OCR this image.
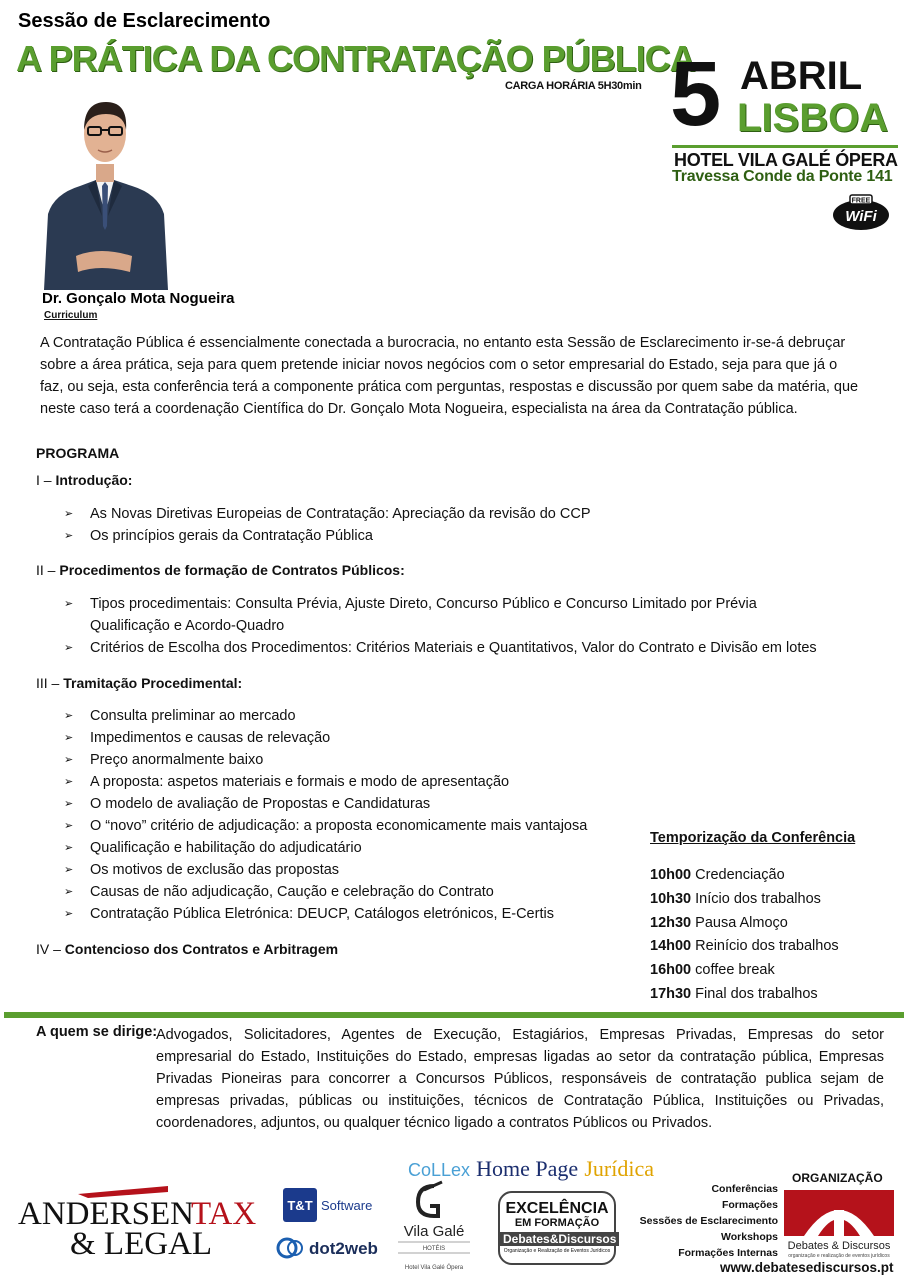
Sessão de Esclarecimento
A PRÁTICA DA CONTRATAÇÃO PÚBLICA
CARGA HORÁRIA 5H30min 5 ABRIL
LISBOA
HOTEL VILA GALÉ ÓPERA
Travessa Conde da Ponte 141
FREE
WiFi
Dr. Gonçalo Mota Nogueira
Curriculum
A Contratação Pública é essencialmente conectada a burocracia, no entanto esta Sessão de Esclarecimento ir-se-á debruçar sobre a área prática, seja para quem pretende iniciar novos negócios com o setor empresarial do Estado, seja para que já o faz, ou seja, esta conferência terá a componente prática com perguntas, respostas e discussão por quem sabe da matéria, que neste caso terá a coordenação Científica do Dr. Gonçalo Mota Nogueira, especialista na área da Contratação pública.
PROGRAMA
I – Introdução:
➢ As Novas Diretivas Europeias de Contratação: Apreciação da revisão do CCP
➢ Os princípios gerais da Contratação Pública
II – Procedimentos de formação de Contratos Públicos:
➢ Tipos procedimentais: Consulta Prévia, Ajuste Direto, Concurso Público e Concurso Limitado por Prévia Qualificação e Acordo-Quadro
➢ Critérios de Escolha dos Procedimentos: Critérios Materiais e Quantitativos, Valor do Contrato e Divisão em lotes
III – Tramitação Procedimental:
➢ Consulta preliminar ao mercado
➢ Impedimentos e causas de relevação
➢ Preço anormalmente baixo
➢ A proposta: aspetos materiais e formais e modo de apresentação
➢ O modelo de avaliação de Propostas e Candidaturas
➢ O “novo” critério de adjudicação: a proposta economicamente mais vantajosa
➢ Qualificação e habilitação do adjudicatário
➢ Os motivos de exclusão das propostas
➢ Causas de não adjudicação, Caução e celebração do Contrato
➢ Contratação Pública Eletrónica: DEUCP, Catálogos eletrónicos, E-Certis
IV – Contencioso dos Contratos e Arbitragem
Temporização da Conferência
10h00 Credenciação
10h30 Início dos trabalhos
12h30 Pausa Almoço
14h00 Reinício dos trabalhos
16h00 coffee break
17h30 Final dos trabalhos
A quem se dirige:
Advogados, Solicitadores, Agentes de Execução, Estagiários, Empresas Privadas, Empresas do setor empresarial do Estado, Instituições do Estado, empresas ligadas ao setor da contratação pública, Empresas Privadas Pioneiras para concorrer a Concursos Públicos, responsáveis de contratação publica sejam de empresas privadas, públicas ou instituições, técnicos de Contratação Pública, Instituições ou Privadas, coordenadores, adjuntos, ou qualquer técnico ligado a contratos Públicos ou Privados.
ANDERSEN
TAX
& LEGAL
T&T Software
dot2web
Vila Galé
HOTÉIS
Hotel Vila Galé Ópera
CoLLex Home Page Jurídica
EXCELÊNCIA
EM FORMAÇÃO
Debates&Discursos
Organização e Realização de Eventos Jurídicos
Conferências
Formações
Sessões de Esclarecimento
Workshops
Formações Internas
ORGANIZAÇÃO
Debates & Discursos
organização e realização de eventos jurídicos
www.debatesediscursos.pt
